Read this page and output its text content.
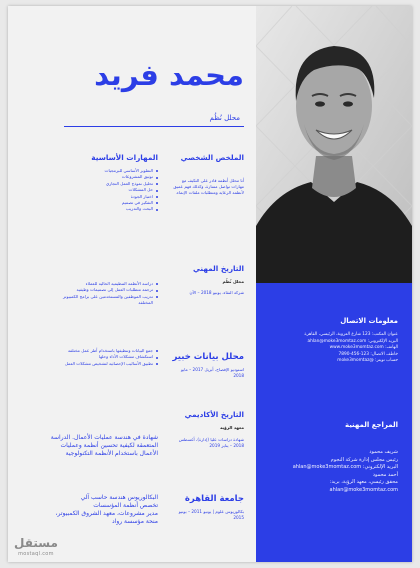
معلومات الاتصال

عنوان المكتب: 123 شارع العروبة، الرئيسي، القاهرة
البريد الإلكتروني: ahlan@moke3momtaz.com
الهاتف: www.moke3momtaz.com
خاطف الاتصال: 123-456-7890
حساب تويتر: @moke3momtaz

المراجع المهنية

شريف محمود
رئيس مجلس إدارة شركة النجوم
البريد الإلكتروني: ahlan@moke3momtaz.com
أحمد محمود
محقق رئيسي، معهد الرؤية، بريد:
ahlan@moke3momtaz.com

محمد فريد
محلل نُظُم
الملخص الشخصي
أنا محلل أنظمة قادر على التكيف مع مهارات تواصل ممتازة، وكذلك فهم عميق لأنظمة الرعاية ومتطلبات ملفات الإنماء.
المهارات الأساسية
التطوير الأساسي للبرمجيات
توثيق المشروعات
تحليل نموذج العمل التجاري
حل المشكلات
اختبار الجودة
التفكير في تصميم
البحث والتدريب
التاريخ المهني
محلل نُظُم
شركة النقاء، يونيو 2018 – الآن
دراسة الأنظمة التنظيمية الحالية للعملاء
ترجمة متطلبات العمل إلى تصميمات وظيفية
تدريب الموظفين والمستخدمين على برامج الكمبيوتر المختلفة
محلل بيانات خبير
استوديو الإفصاح، أبريل 2017 – مايو 2018
جمع البيانات وتنظيفها باستخدام أطر عمل مختلفة
استكشاف مشكلات الأداء وحلها
تطبيق الأساليب الإحصائية لتشخيص مشكلات العمل
التاريخ الأكاديمي
معهد الرؤية
شهادة دراسات عليا (إدارة)، أغسطس 2018 – يناير 2019
شهادة في هندسة عمليات الأعمال. الدراسة المتعمقة لكيفية تحسين أنظمة وعمليات الأعمال باستخدام الأنظمة التكنولوجية
جامعة القاهرة
بكالوريوس علوم | يونيو 2011 – يونيو 2015
البكالوريوس هندسة حاسب آلي
تخصص أنظمة المؤسسات
مدير مشروعات، معهد الشروق الكمبيوتر،
منحة مؤسسة رواد
مستقل
mostaql.com
